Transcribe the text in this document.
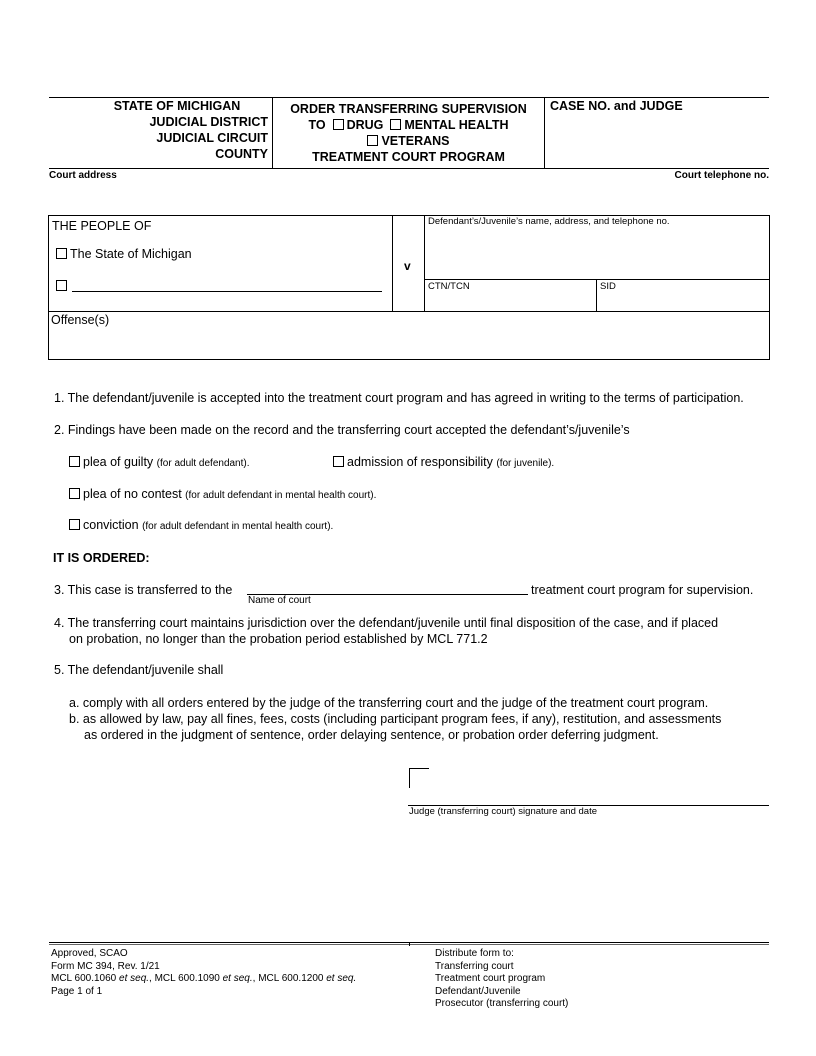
STATE OF MICHIGAN
JUDICIAL DISTRICT
JUDICIAL CIRCUIT
COUNTY
ORDER TRANSFERRING SUPERVISION
TO DRUG MENTAL HEALTH
VETERANS
TREATMENT COURT PROGRAM
CASE NO. and JUDGE
Court address	Court telephone no.
THE PEOPLE OF
The State of Michigan
v
Defendant’s/Juvenile’s name, address, and telephone no.
CTN/TCN	SID
Offense(s)
1. The defendant/juvenile is accepted into the treatment court program and has agreed in writing to the terms of participation.
2. Findings have been made on the record and the transferring court accepted the defendant’s/juvenile’s
plea of guilty (for adult defendant).	admission of responsibility (for juvenile).
plea of no contest (for adult defendant in mental health court).
conviction (for adult defendant in mental health court).
IT IS ORDERED:
3. This case is transferred to the	treatment court program for supervision.
Name of court
4. The transferring court maintains jurisdiction over the defendant/juvenile until final disposition of the case, and if placed
on probation, no longer than the probation period established by MCL 771.2
5. The defendant/juvenile shall
a. comply with all orders entered by the judge of the transferring court and the judge of the treatment court program.
b. as allowed by law, pay all fines, fees, costs (including participant program fees, if any), restitution, and assessments
as ordered in the judgment of sentence, order delaying sentence, or probation order deferring judgment.
Judge (transferring court) signature and date
Approved, SCAO
Form MC 394, Rev. 1/21
MCL 600.1060 et seq., MCL 600.1090 et seq., MCL 600.1200 et seq.
Page 1 of 1
Distribute form to:
Transferring court
Treatment court program
Defendant/Juvenile
Prosecutor (transferring court)
